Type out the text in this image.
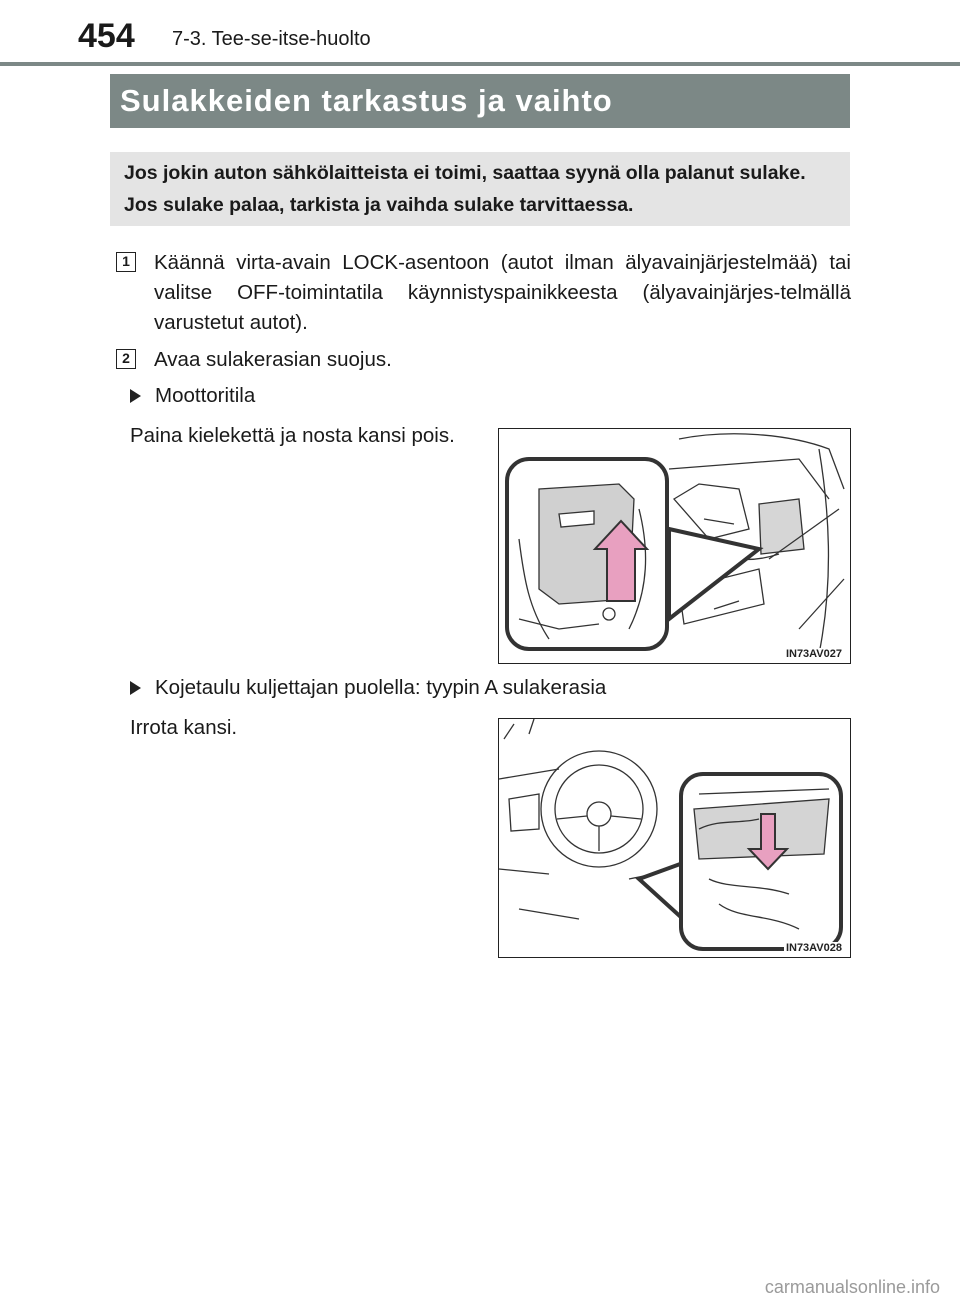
454 7-3. Tee-se-itse-huolto
Sulakkeiden tarkastus ja vaihto
Jos jokin auton sähkölaitteista ei toimi, saattaa syynä olla palanut sulake. Jos sulake palaa, tarkista ja vaihda sulake tarvittaessa.
1 Käännä virta-avain LOCK-asentoon (autot ilman älyavainjärjestelmää) tai valitse OFF-toimintatila käynnistyspainikkeesta (älyavainjärjes-telmällä varustetut autot).
2 Avaa sulakerasian suojus.
Moottoritila
Paina kielekettä ja nosta kansi pois.
IN73AV027
Kojetaulu kuljettajan puolella: tyypin A sulakerasia
Irrota kansi.
IN73AV028
carmanualsonline.info
